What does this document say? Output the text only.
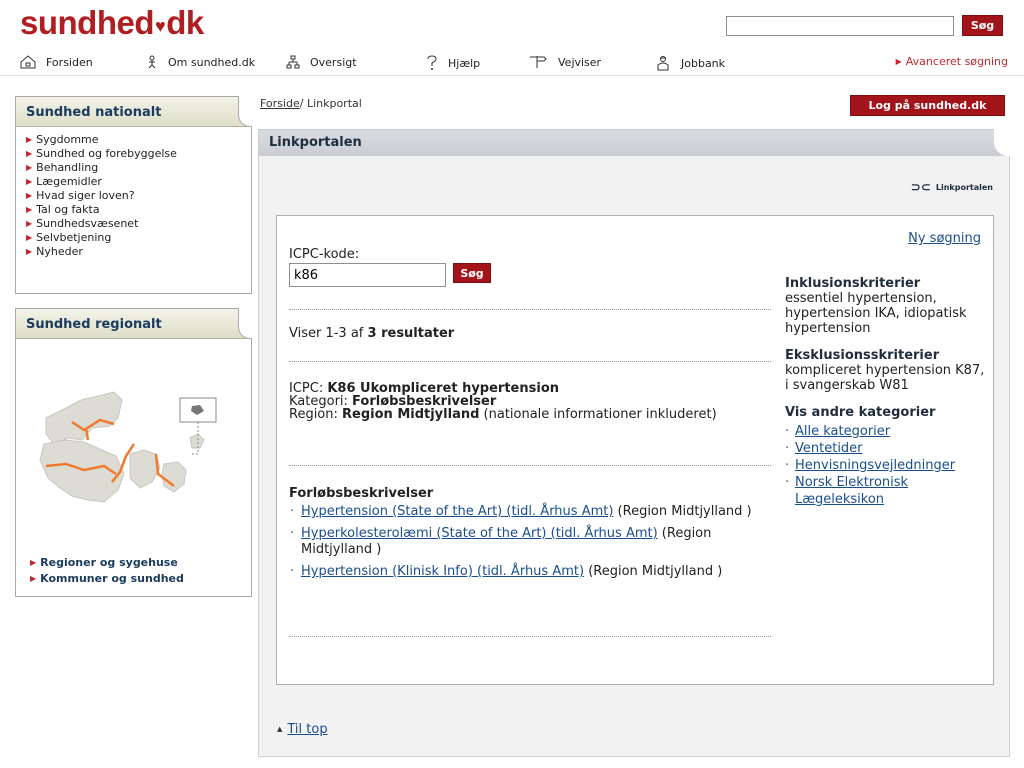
sundhed♥dk	Søg
Forsiden	Om sundhed.dk	Oversigt	Hjælp	Vejviser	Jobbank	▶ Avanceret søgning
Sundhed nationalt
▶ Sygdomme
▶ Sundhed og forebyggelse
▶ Behandling
▶ Lægemidler
▶ Hvad siger loven?
▶ Tal og fakta
▶ Sundhedsvæsenet
▶ Selvbetjening
▶ Nyheder
Sundhed regionalt
▶ Regioner og sygehuse
▶ Kommuner og sundhed
Forside/ Linkportal	Log på sundhed.dk
Linkportalen
⊃⊂ Linkportalen
ICPC-kode:
k86
Søg
Viser 1-3 af 3 resultater
ICPC: K86 Ukompliceret hypertension
Kategori: Forløbsbeskrivelser
Region: Region Midtjylland (nationale informationer inkluderet)
Forløbsbeskrivelser
· Hypertension (State of the Art) (tidl. Århus Amt) (Region Midtjylland )
· Hyperkolesterolæmi (State of the Art) (tidl. Århus Amt) (Region Midtjylland )
· Hypertension (Klinisk Info) (tidl. Århus Amt) (Region Midtjylland )
Ny søgning
Inklusionskriterier

essentiel hypertension, hypertension IKA, idiopatisk hypertension

Eksklusionsskriterier

kompliceret hypertension K87, i svangerskab W81

Vis andre kategorier
· Alle kategorier
· Ventetider
· Henvisningsvejledninger
· Norsk Elektronisk Lægeleksikon
▲ Til top
